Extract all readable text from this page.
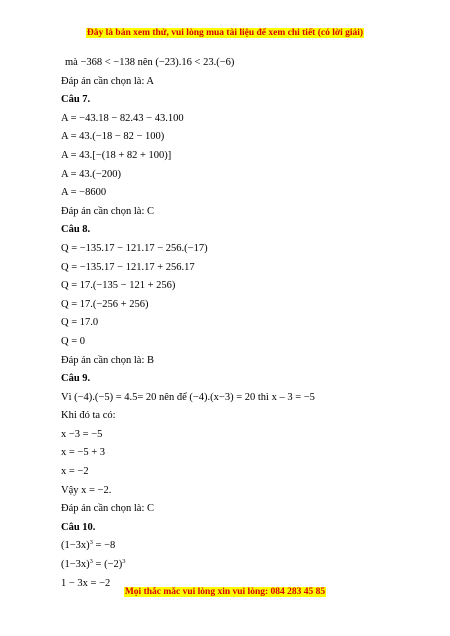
Đây là bản xem thử, vui lòng mua tài liệu để xem chi tiết (có lời giải)
mà −368 < −138 nên (−23).16 < 23.(−6)
Đáp án cần chọn là: A
Câu 7.
A = −43.18 − 82.43 − 43.100
A = 43.(−18 − 82 − 100)
A = 43.[−(18 + 82 + 100)]
A = 43.(−200)
A = −8600
Đáp án cần chọn là: C
Câu 8.
Q = −135.17 − 121.17 − 256.(−17)
Q = −135.17 − 121.17 + 256.17
Q = 17.(−135 − 121 + 256)
Q = 17.(−256 + 256)
Q = 17.0
Q = 0
Đáp án cần chọn là: B
Câu 9.
Vì (−4).(−5) = 4.5= 20 nên để (−4).(x−3) = 20 thì x – 3 = −5
Khi đó ta có:
x −3 = −5
x = −5 + 3
x = −2
Vậy x = −2.
Đáp án cần chọn là: C
Câu 10.
$(1-3x)^3 = -8$
$(1-3x)^3 = (-2)^3$
1 − 3x = −2
Mọi thắc mắc vui lòng xin vui lòng: 084 283 45 85
